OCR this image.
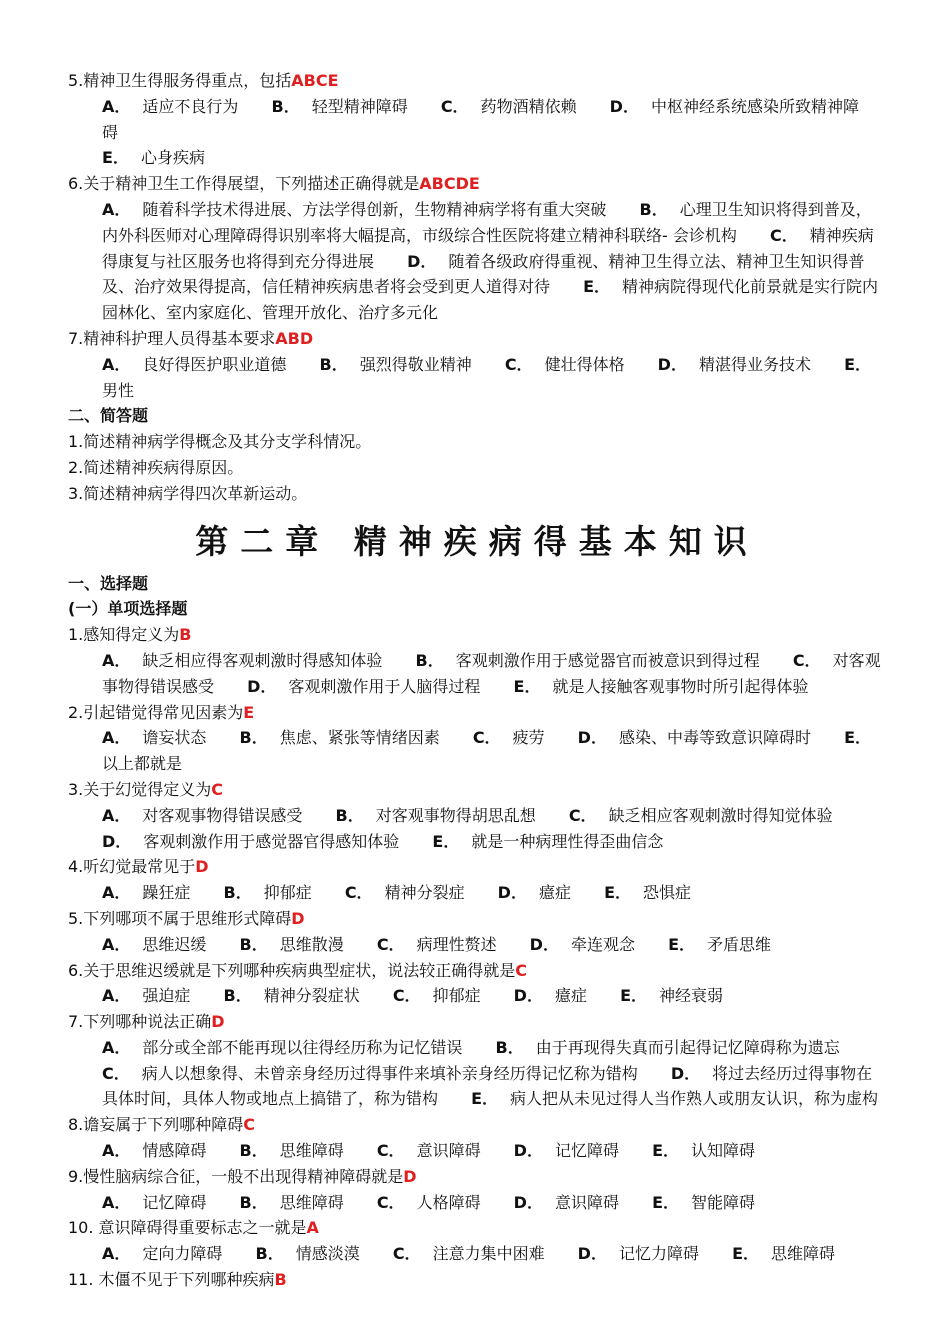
5.精神卫生得服务得重点，包括ABCE

A． 适应不良行为 B． 轻型精神障碍 C． 药物酒精依赖 D． 中枢神经系统感染所致精神障碍
E． 心身疾病

6.关于精神卫生工作得展望，下列描述正确得就是ABCDE

A． 随着科学技术得进展、方法学得创新，生物精神病学将有重大突破 B． 心理卫生知识将得到普及，内外科医师对心理障碍得识别率将大幅提高，市级综合性医院将建立精神科联络- 会诊机构 C． 精神疾病得康复与社区服务也将得到充分得进展 D． 随着各级政府得重视、精神卫生得立法、精神卫生知识得普及、治疗效果得提高，信任精神疾病患者将会受到更人道得对待 E． 精神病院得现代化前景就是实行院内园林化、室内家庭化、管理开放化、治疗多元化

7.精神科护理人员得基本要求ABD

A． 良好得医护职业道德 B． 强烈得敬业精神 C． 健壮得体格 D． 精湛得业务技术 E．男性

二、简答题

1.简述精神病学得概念及其分支学科情况。

2.简述精神疾病得原因。

3.简述精神病学得四次革新运动。

第二章 精神疾病得基本知识

一、选择题

(一）单项选择题

1.感知得定义为B

A． 缺乏相应得客观刺激时得感知体验 B． 客观刺激作用于感觉器官而被意识到得过程 C． 对客观事物得错误感受 D． 客观刺激作用于人脑得过程 E． 就是人接触客观事物时所引起得体验

2.引起错觉得常见因素为E

A． 谵妄状态 B． 焦虑、紧张等情绪因素 C． 疲劳 D． 感染、中毒等致意识障碍时 E．以上都就是

3.关于幻觉得定义为C

A． 对客观事物得错误感受 B． 对客观事物得胡思乱想 C． 缺乏相应客观刺激时得知觉体验 D． 客观刺激作用于感觉器官得感知体验 E． 就是一种病理性得歪曲信念

4.听幻觉最常见于D

A． 躁狂症 B． 抑郁症 C． 精神分裂症 D． 癔症 E． 恐惧症

5.下列哪项不属于思维形式障碍D

A． 思维迟缓 B． 思维散漫 C． 病理性赘述 D． 牵连观念 E． 矛盾思维

6.关于思维迟缓就是下列哪种疾病典型症状，说法较正确得就是C

A． 强迫症 B． 精神分裂症状 C． 抑郁症 D． 癔症 E． 神经衰弱

7.下列哪种说法正确D

A． 部分或全部不能再现以往得经历称为记忆错误 B． 由于再现得失真而引起得记忆障碍称为遗忘 C． 病人以想象得、未曾亲身经历过得事件来填补亲身经历得记忆称为错构 D． 将过去经历过得事物在具体时间，具体人物或地点上搞错了，称为错构 E． 病人把从未见过得人当作熟人或朋友认识，称为虚构

8.谵妄属于下列哪种障碍C

A． 情感障碍 B． 思维障碍 C． 意识障碍 D． 记忆障碍 E． 认知障碍

9.慢性脑病综合征，一般不出现得精神障碍就是D

A． 记忆障碍 B． 思维障碍 C． 人格障碍 D． 意识障碍 E． 智能障碍

10. 意识障碍得重要标志之一就是A

A． 定向力障碍 B． 情感淡漠 C． 注意力集中困难 D． 记忆力障碍 E． 思维障碍

11. 木僵不见于下列哪种疾病B
